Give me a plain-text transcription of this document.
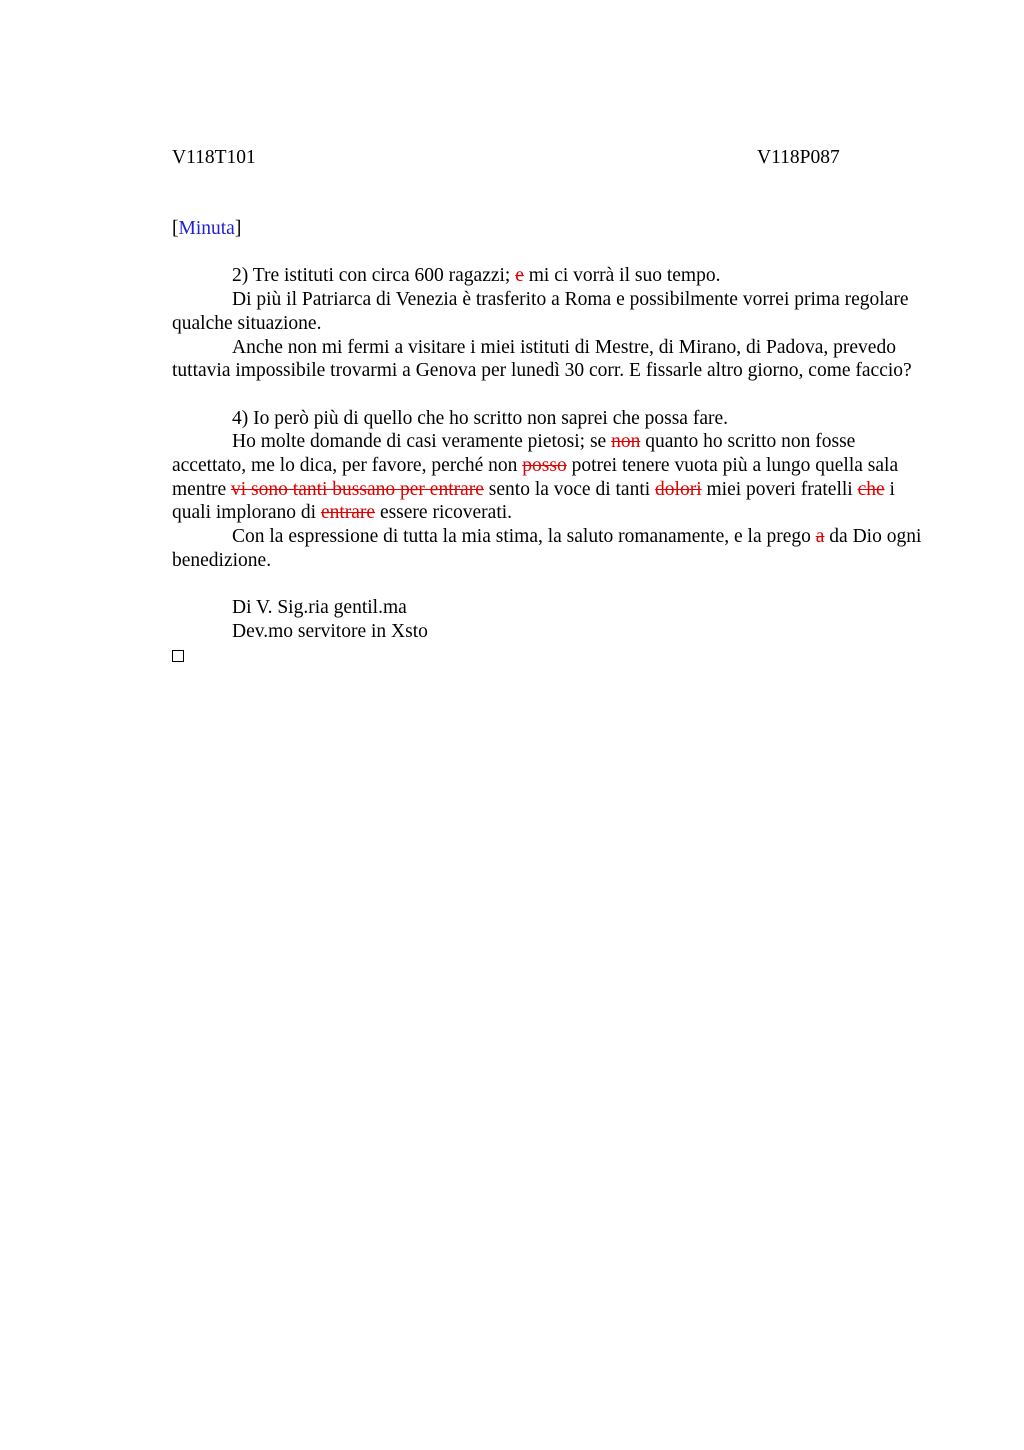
V118T101	V118P087

[Minuta]

2) Tre istituti con circa 600 ragazzi; e mi ci vorrà il suo tempo.

Di più il Patriarca di Venezia è trasferito a Roma e possibilmente vorrei prima regolare qualche situazione.

Anche non mi fermi a visitare i miei istituti di Mestre, di Mirano, di Padova, prevedo tuttavia impossibile trovarmi a Genova per lunedì 30 corr. E fissarle altro giorno, come faccio?

4) Io però più di quello che ho scritto non saprei che possa fare.

Ho molte domande di casi veramente pietosi; se non quanto ho scritto non fosse accettato, me lo dica, per favore, perché non posso potrei tenere vuota più a lungo quella sala mentre vi sono tanti bussano per entrare sento la voce di tanti dolori miei poveri fratelli che i quali implorano di entrare essere ricoverati.

Con la espressione di tutta la mia stima, la saluto romanamente, e la prego a da Dio ogni benedizione.

Di V. Sig.ria gentil.ma

Dev.mo servitore in Xsto
